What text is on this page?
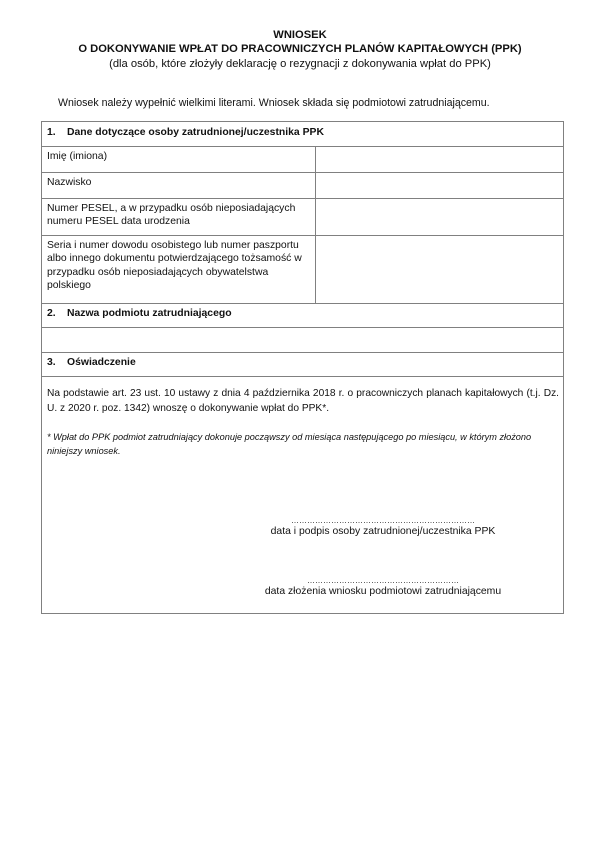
WNIOSEK
O DOKONYWANIE WPŁAT DO PRACOWNICZYCH PLANÓW KAPITAŁOWYCH (PPK)
(dla osób, które złożyły deklarację o rezygnacji z dokonywania wpłat do PPK)
Wniosek należy wypełnić wielkimi literami. Wniosek składa się podmiotowi zatrudniającemu.
1. Dane dotyczące osoby zatrudnionej/uczestnika PPK
Imię (imiona)
Nazwisko
Numer PESEL, a w przypadku osób nieposiadających numeru PESEL data urodzenia
Seria i numer dowodu osobistego lub numer paszportu albo innego dokumentu potwierdzającego tożsamość w przypadku osób nieposiadających obywatelstwa polskiego
2. Nazwa podmiotu zatrudniającego
3. Oświadczenie
Na podstawie art. 23 ust. 10 ustawy z dnia 4 października 2018 r. o pracowniczych planach kapitałowych (t.j. Dz. U. z 2020 r. poz. 1342) wnoszę o dokonywanie wpłat do PPK*.
* Wpłat do PPK podmiot zatrudniający dokonuje począwszy od miesiąca następującego po miesiącu, w którym złożono niniejszy wniosek.
……………………………………………………………
data i podpis osoby zatrudnionej/uczestnika PPK
…………………………………………………
data złożenia wniosku podmiotowi zatrudniającemu
